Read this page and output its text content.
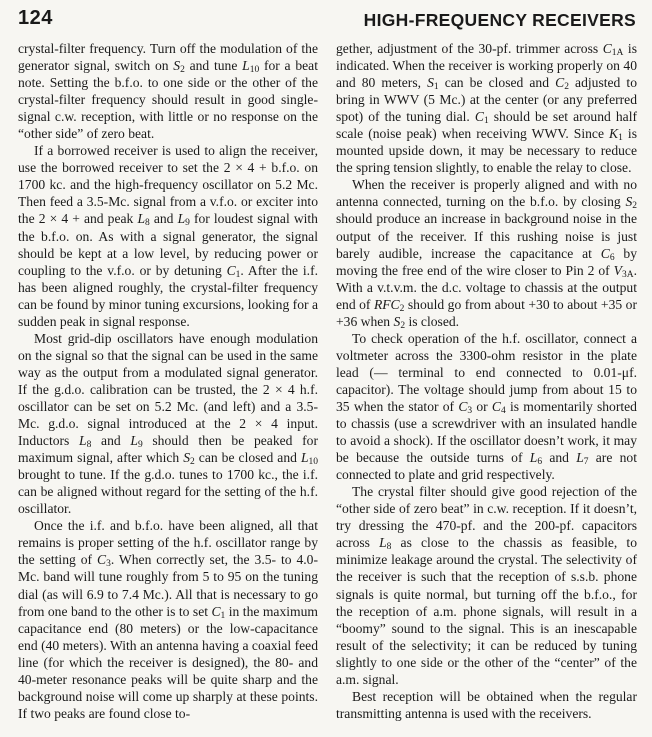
124	HIGH-FREQUENCY RECEIVERS

crystal-filter frequency. Turn off the modulation of the generator signal, switch on $S_2$ and tune $L_{10}$ for a beat note. Setting the b.f.o. to one side or the other of the crystal-filter frequency should result in good single-signal c.w. reception, with little or no response on the “other side” of zero beat.

If a borrowed receiver is used to align the receiver, use the borrowed receiver to set the 2 × 4 + b.f.o. on 1700 kc. and the high-frequency oscillator on 5.2 Mc. Then feed a 3.5-Mc. signal from a v.f.o. or exciter into the 2 × 4 + and peak $L_8$ and $L_9$ for loudest signal with the b.f.o. on. As with a signal generator, the signal should be kept at a low level, by reducing power or coupling to the v.f.o. or by detuning $C_1$. After the i.f. has been aligned roughly, the crystal-filter frequency can be found by minor tuning excursions, looking for a sudden peak in signal response.

Most grid-dip oscillators have enough modulation on the signal so that the signal can be used in the same way as the output from a modulated signal generator. If the g.d.o. calibration can be trusted, the 2 × 4 h.f. oscillator can be set on 5.2 Mc. (and left) and a 3.5-Mc. g.d.o. signal introduced at the 2 × 4 input. Inductors $L_8$ and $L_9$ should then be peaked for maximum signal, after which $S_2$ can be closed and $L_{10}$ brought to tune. If the g.d.o. tunes to 1700 kc., the i.f. can be aligned without regard for the setting of the h.f. oscillator.

Once the i.f. and b.f.o. have been aligned, all that remains is proper setting of the h.f. oscillator range by the setting of $C_3$. When correctly set, the 3.5- to 4.0-Mc. band will tune roughly from 5 to 95 on the tuning dial (as will 6.9 to 7.4 Mc.). All that is necessary to go from one band to the other is to set $C_1$ in the maximum capacitance end (80 meters) or the low-capacitance end (40 meters). With an antenna having a coaxial feed line (for which the receiver is designed), the 80- and 40-meter resonance peaks will be quite sharp and the background noise will come up sharply at these points. If two peaks are found close to-

gether, adjustment of the 30-pf. trimmer across $C_{1A}$ is indicated. When the receiver is working properly on 40 and 80 meters, $S_1$ can be closed and $C_2$ adjusted to bring in WWV (5 Mc.) at the center (or any preferred spot) of the tuning dial. $C_1$ should be set around half scale (noise peak) when receiving WWV. Since $K_1$ is mounted upside down, it may be necessary to reduce the spring tension slightly, to enable the relay to close.

When the receiver is properly aligned and with no antenna connected, turning on the b.f.o. by closing $S_2$ should produce an increase in background noise in the output of the receiver. If this rushing noise is just barely audible, increase the capacitance at $C_6$ by moving the free end of the wire closer to Pin 2 of $V_{3A}$. With a v.t.v.m. the d.c. voltage to chassis at the output end of $RFC_2$ should go from about +30 to about +35 or +36 when $S_2$ is closed.

To check operation of the h.f. oscillator, connect a voltmeter across the 3300-ohm resistor in the plate lead (— terminal to end connected to 0.01-μf. capacitor). The voltage should jump from about 15 to 35 when the stator of $C_3$ or $C_4$ is momentarily shorted to chassis (use a screwdriver with an insulated handle to avoid a shock). If the oscillator doesn’t work, it may be because the outside turns of $L_6$ and $L_7$ are not connected to plate and grid respectively.

The crystal filter should give good rejection of the “other side of zero beat” in c.w. reception. If it doesn’t, try dressing the 470-pf. and the 200-pf. capacitors across $L_8$ as close to the chassis as feasible, to minimize leakage around the crystal. The selectivity of the receiver is such that the reception of s.s.b. phone signals is quite normal, but turning off the b.f.o., for the reception of a.m. phone signals, will result in a “boomy” sound to the signal. This is an inescapable result of the selectivity; it can be reduced by tuning slightly to one side or the other of the “center” of the a.m. signal.

Best reception will be obtained when the regular transmitting antenna is used with the receivers.
